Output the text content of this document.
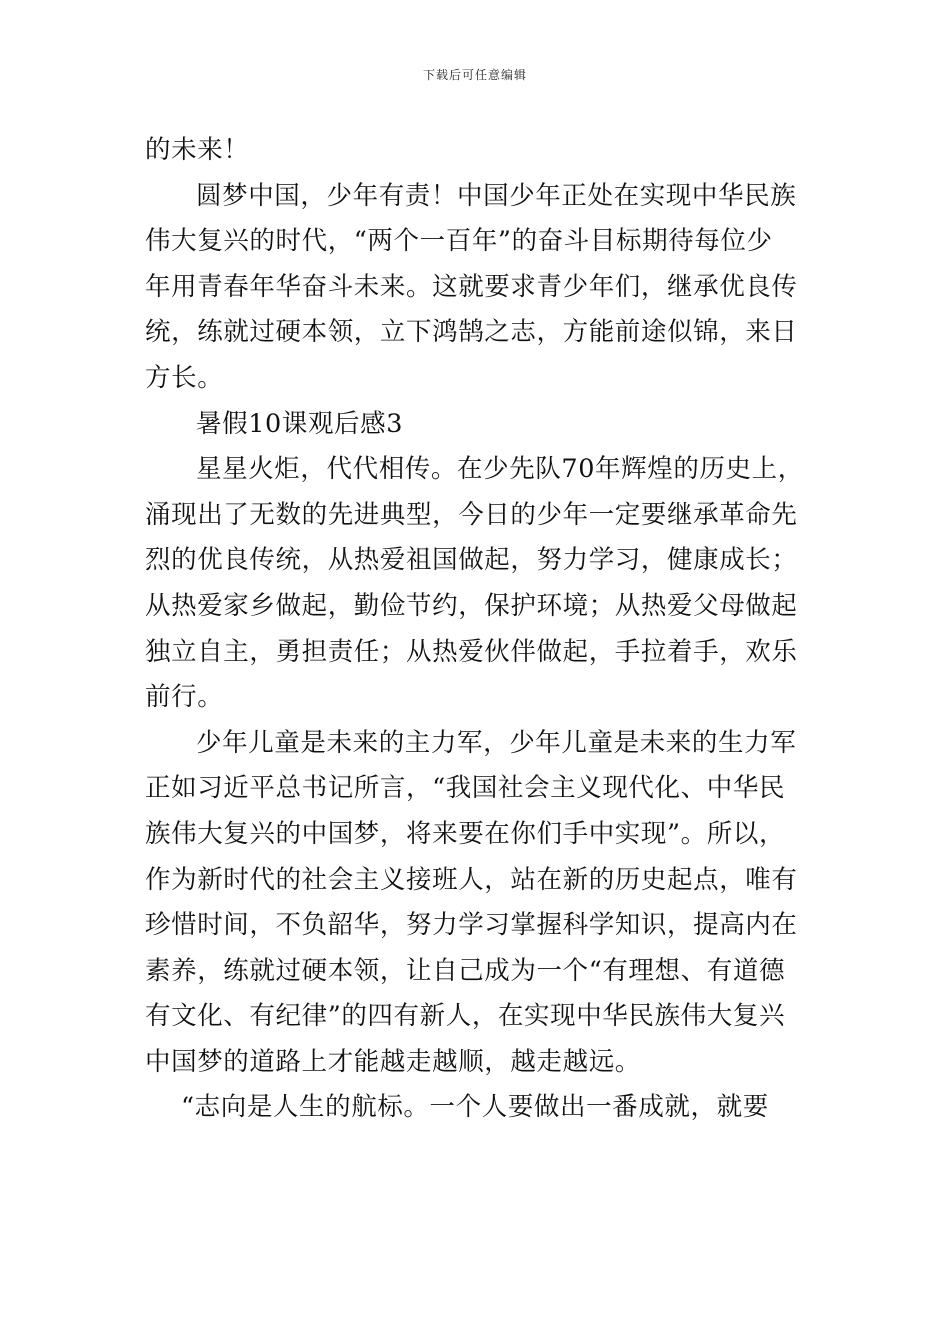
下载后可任意编辑
的未来！
圆梦中国，少年有责！中国少年正处在实现中华民族
伟大复兴的时代，“两个一百年”的奋斗目标期待每位少
年用青春年华奋斗未来。这就要求青少年们，继承优良传
统，练就过硬本领，立下鸿鹄之志，方能前途似锦，来日
方长。
暑假10课观后感3
星星火炬，代代相传。在少先队70年辉煌的历史上，
涌现出了无数的先进典型，今日的少年一定要继承革命先
烈的优良传统，从热爱祖国做起，努力学习，健康成长；
从热爱家乡做起，勤俭节约，保护环境；从热爱父母做起
独立自主，勇担责任；从热爱伙伴做起，手拉着手，欢乐
前行。
少年儿童是未来的主力军，少年儿童是未来的生力军
正如习近平总书记所言，“我国社会主义现代化、中华民
族伟大复兴的中国梦，将来要在你们手中实现”。所以，
作为新时代的社会主义接班人，站在新的历史起点，唯有
珍惜时间，不负韶华，努力学习掌握科学知识，提高内在
素养，练就过硬本领，让自己成为一个“有理想、有道德
有文化、有纪律”的四有新人，在实现中华民族伟大复兴
中国梦的道路上才能越走越顺，越走越远。
“志向是人生的航标。一个人要做出一番成就，就要
